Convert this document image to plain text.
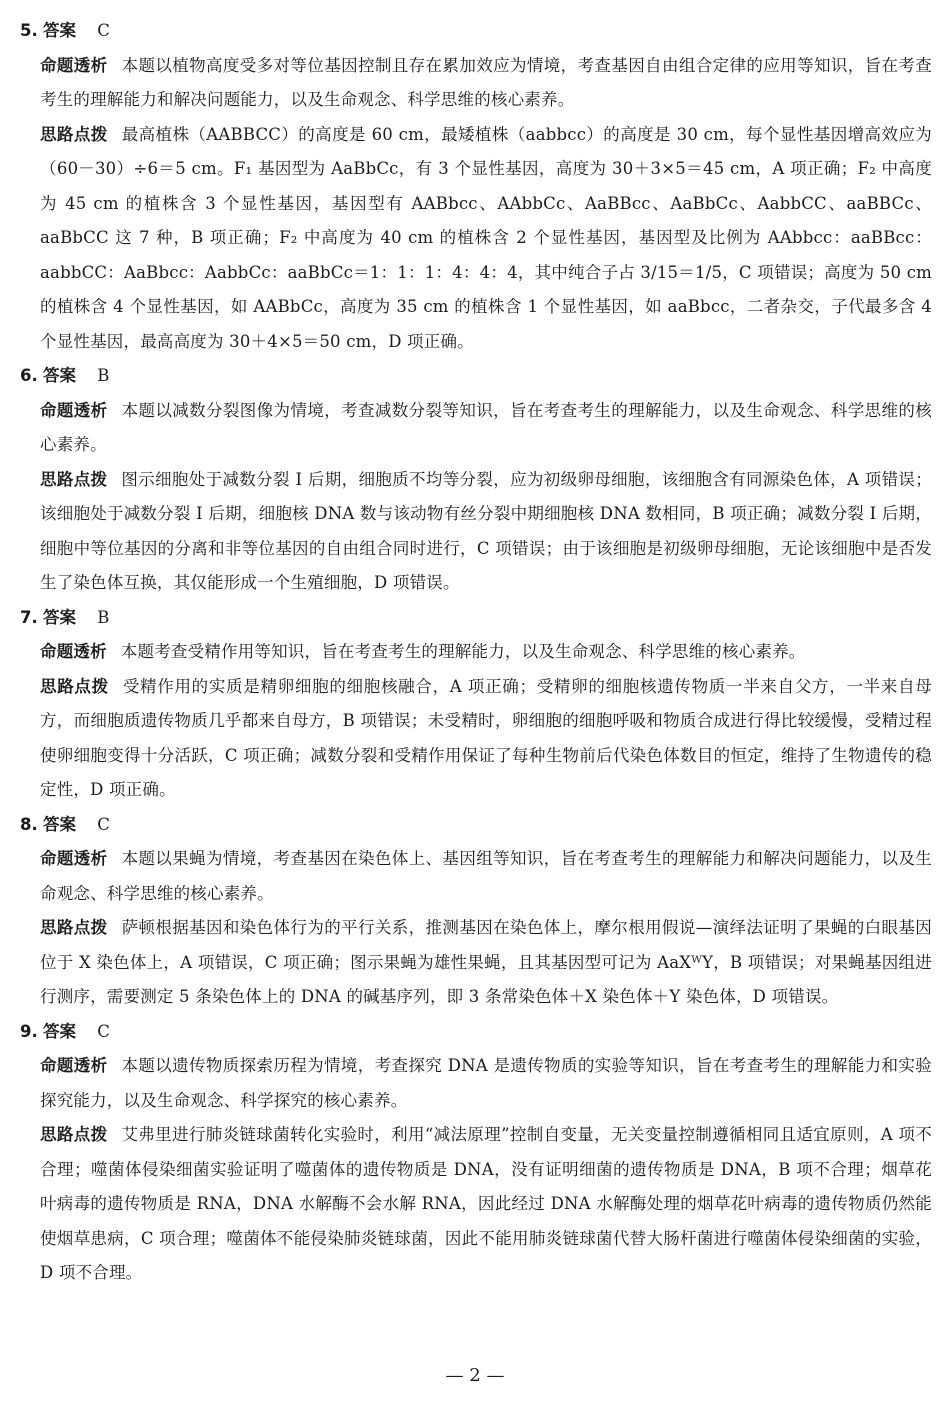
5. 答案 C

命题透析 本题以植物高度受多对等位基因控制且存在累加效应为情境，考查基因自由组合定律的应用等知识，旨在考查考生的理解能力和解决问题能力，以及生命观念、科学思维的核心素养。

思路点拨 最高植株（AABBCC）的高度是 60 cm，最矮植株（aabbcc）的高度是 30 cm，每个显性基因增高效应为（60－30）÷6＝5 cm。F₁ 基因型为 AaBbCc，有 3 个显性基因，高度为 30＋3×5＝45 cm，A 项正确；F₂ 中高度为 45 cm 的植株含 3 个显性基因，基因型有 AABbcc、AAbbCc、AaBBcc、AaBbCc、AabbCC、aaBBCc、aaBbCC 这 7 种，B 项正确；F₂ 中高度为 40 cm 的植株含 2 个显性基因，基因型及比例为 AAbbcc：aaBBcc：aabbCC：AaBbcc：AabbCc：aaBbCc＝1：1：1：4：4：4，其中纯合子占 3/15＝1/5，C 项错误；高度为 50 cm 的植株含 4 个显性基因，如 AABbCc，高度为 35 cm 的植株含 1 个显性基因，如 aaBbcc，二者杂交，子代最多含 4 个显性基因，最高高度为 30＋4×5＝50 cm，D 项正确。

6. 答案 B

命题透析 本题以减数分裂图像为情境，考查减数分裂等知识，旨在考查考生的理解能力，以及生命观念、科学思维的核心素养。

思路点拨 图示细胞处于减数分裂 Ⅰ 后期，细胞质不均等分裂，应为初级卵母细胞，该细胞含有同源染色体，A 项错误；该细胞处于减数分裂 Ⅰ 后期，细胞核 DNA 数与该动物有丝分裂中期细胞核 DNA 数相同，B 项正确；减数分裂 Ⅰ 后期，细胞中等位基因的分离和非等位基因的自由组合同时进行，C 项错误；由于该细胞是初级卵母细胞，无论该细胞中是否发生了染色体互换，其仅能形成一个生殖细胞，D 项错误。

7. 答案 B

命题透析 本题考查受精作用等知识，旨在考查考生的理解能力，以及生命观念、科学思维的核心素养。

思路点拨 受精作用的实质是精卵细胞的细胞核融合，A 项正确；受精卵的细胞核遗传物质一半来自父方，一半来自母方，而细胞质遗传物质几乎都来自母方，B 项错误；未受精时，卵细胞的细胞呼吸和物质合成进行得比较缓慢，受精过程使卵细胞变得十分活跃，C 项正确；减数分裂和受精作用保证了每种生物前后代染色体数目的恒定，维持了生物遗传的稳定性，D 项正确。

8. 答案 C

命题透析 本题以果蝇为情境，考查基因在染色体上、基因组等知识，旨在考查考生的理解能力和解决问题能力，以及生命观念、科学思维的核心素养。

思路点拨 萨顿根据基因和染色体行为的平行关系，推测基因在染色体上，摩尔根用假说—演绎法证明了果蝇的白眼基因位于 X 染色体上，A 项错误，C 项正确；图示果蝇为雄性果蝇，且其基因型可记为 AaXᵂY，B 项错误；对果蝇基因组进行测序，需要测定 5 条染色体上的 DNA 的碱基序列，即 3 条常染色体＋X 染色体＋Y 染色体，D 项错误。

9. 答案 C

命题透析 本题以遗传物质探索历程为情境，考查探究 DNA 是遗传物质的实验等知识，旨在考查考生的理解能力和实验探究能力，以及生命观念、科学探究的核心素养。

思路点拨 艾弗里进行肺炎链球菌转化实验时，利用“减法原理”控制自变量，无关变量控制遵循相同且适宜原则，A 项不合理；噬菌体侵染细菌实验证明了噬菌体的遗传物质是 DNA，没有证明细菌的遗传物质是 DNA，B 项不合理；烟草花叶病毒的遗传物质是 RNA，DNA 水解酶不会水解 RNA，因此经过 DNA 水解酶处理的烟草花叶病毒的遗传物质仍然能使烟草患病，C 项合理；噬菌体不能侵染肺炎链球菌，因此不能用肺炎链球菌代替大肠杆菌进行噬菌体侵染细菌的实验，D 项不合理。

— 2 —
